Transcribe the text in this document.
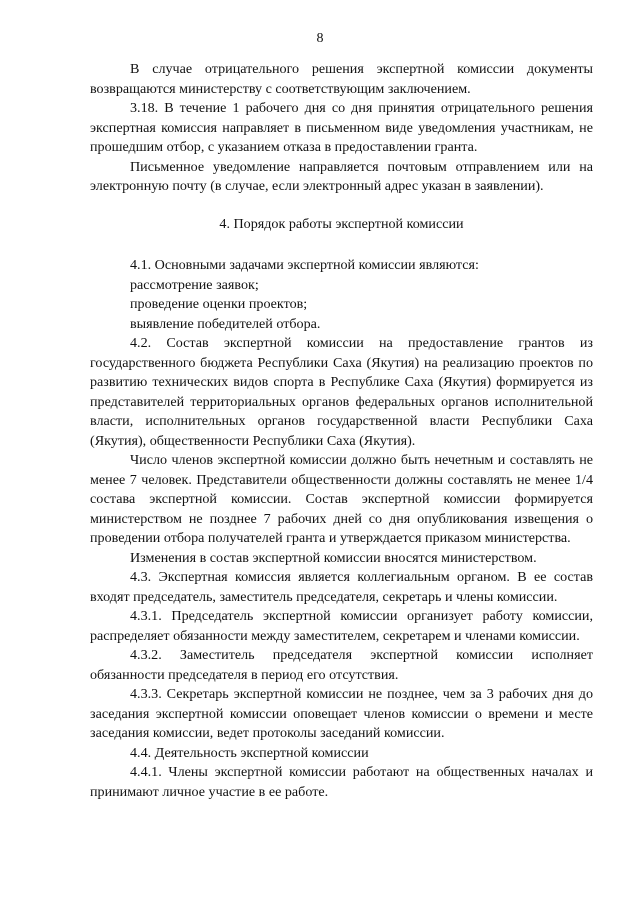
8

В случае отрицательного решения экспертной комиссии документы возвращаются министерству с соответствующим заключением.

3.18. В течение 1 рабочего дня со дня принятия отрицательного решения экспертная комиссия направляет в письменном виде уведомления участникам, не прошедшим отбор, с указанием отказа в предоставлении гранта.

Письменное уведомление направляется почтовым отправлением или на электронную почту (в случае, если электронный адрес указан в заявлении).

4. Порядок работы экспертной комиссии

4.1. Основными задачами экспертной комиссии являются:

рассмотрение заявок;

проведение оценки проектов;

выявление победителей отбора.

4.2. Состав экспертной комиссии на предоставление грантов из государственного бюджета Республики Саха (Якутия) на реализацию проектов по развитию технических видов спорта в Республике Саха (Якутия) формируется из представителей территориальных органов федеральных органов исполнительной власти, исполнительных органов государственной власти Республики Саха (Якутия), общественности Республики Саха (Якутия).

Число членов экспертной комиссии должно быть нечетным и составлять не менее 7 человек. Представители общественности должны составлять не менее 1/4 состава экспертной комиссии. Состав экспертной комиссии формируется министерством не позднее 7 рабочих дней со дня опубликования извещения о проведении отбора получателей гранта и утверждается приказом министерства.

Изменения в состав экспертной комиссии вносятся министерством.

4.3. Экспертная комиссия является коллегиальным органом. В ее состав входят председатель, заместитель председателя, секретарь и члены комиссии.

4.3.1. Председатель экспертной комиссии организует работу комиссии, распределяет обязанности между заместителем, секретарем и членами комиссии.

4.3.2. Заместитель председателя экспертной комиссии исполняет обязанности председателя в период его отсутствия.

4.3.3. Секретарь экспертной комиссии не позднее, чем за 3 рабочих дня до заседания экспертной комиссии оповещает членов комиссии о времени и месте заседания комиссии, ведет протоколы заседаний комиссии.

4.4. Деятельность экспертной комиссии

4.4.1. Члены экспертной комиссии работают на общественных началах и принимают личное участие в ее работе.
